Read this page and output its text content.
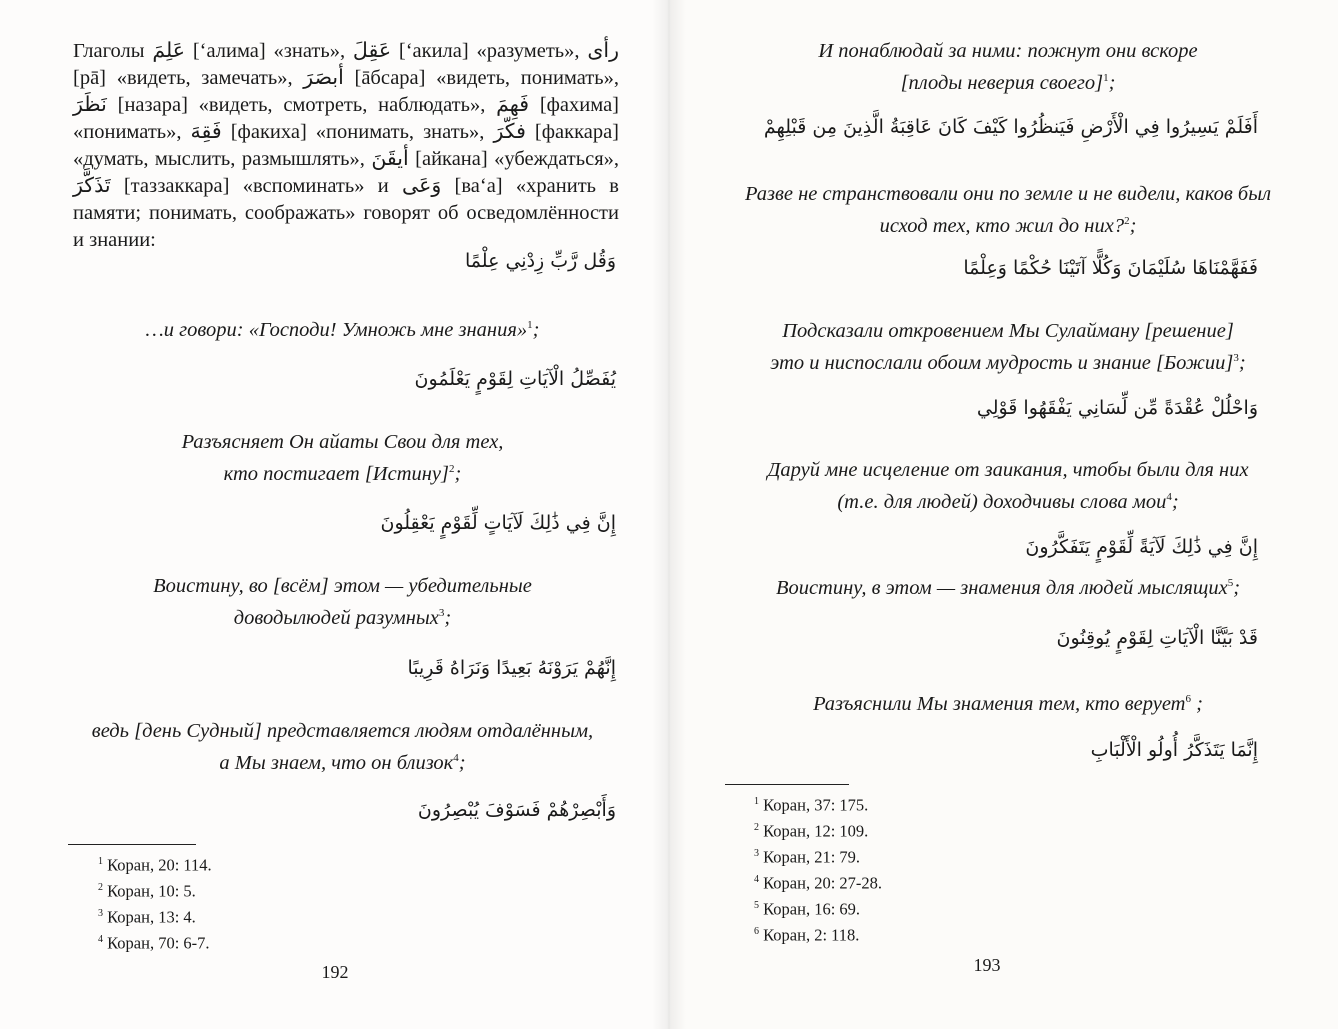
Глаголы عَلِمَ [ʻалима] «знать», عَقِلَ [ʻакила] «разуметь», رأى [pā] «видеть, замечать», أبصَرَ [āбсара] «видеть, понимать», نَظَرَ [назара] «видеть, смотреть, наблюдать», فَهِمَ [фахима] «понимать», فَقِهَ [факиха] «понимать, знать», فكّرَ [факкара] «думать, мыслить, размышлять», أيقَنَ [айкана] «убеждаться», تَذَكَّرَ [таззаккара] «вспоминать» и وَعَى [ваʻа] «хранить в памяти; понимать, соображать» говорят об осведомлённости и знании:

وَقُل رَّبِّ زِدْنِي عِلْمًا

…и говори: «Господи! Умножь мне знания»$^1$;

يُفَصِّلُ الْآيَاتِ لِقَوْمٍ يَعْلَمُونَ

Разъясняет Он айаты Свои для тех,
кто постигает [Истину]$^2$;

إِنَّ فِي ذَٰلِكَ لَآيَاتٍ لِّقَوْمٍ يَعْقِلُونَ

Воистину, во [всём] этом — убедительные
доводылюдей разумных$^3$;

إِنَّهُمْ يَرَوْنَهُ بَعِيدًا وَنَرَاهُ قَرِيبًا

ведь [день Судный] представляется людям отдалённым,
а Мы знаем, что он близок$^4$;

وَأَبْصِرْهُمْ فَسَوْفَ يُبْصِرُونَ
$^1$ Коран, 20: 114.
$^2$ Коран, 10: 5.
$^3$ Коран, 13: 4.
$^4$ Коран, 70: 6-7.
192

И понаблюдай за ними: пожнут они вскоре
[плоды неверия своего]$^1$;

أَفَلَمْ يَسِيرُوا فِي الْأَرْضِ فَيَنظُرُوا كَيْفَ كَانَ عَاقِبَةُ الَّذِينَ مِن قَبْلِهِمْ

Разве не странствовали они по земле и не видели, каков был
исход тех, кто жил до них?$^2$;

فَفَهَّمْنَاهَا سُلَيْمَانَ وَكُلًّا آتَيْنَا حُكْمًا وَعِلْمًا

Подсказали откровением Мы Сулайману [решение]
это и ниспослали обоим мудрость и знание [Божии]$^3$;

وَاحْلُلْ عُقْدَةً مِّن لِّسَانِي يَفْقَهُوا قَوْلِي

Даруй мне исцеление от заикания, чтобы были для них
(т.е. для людей) доходчивы слова мои$^4$;

إِنَّ فِي ذَٰلِكَ لَآيَةً لِّقَوْمٍ يَتَفَكَّرُونَ

Воистину, в этом — знамения для людей мыслящих$^5$;

قَدْ بَيَّنَّا الْآيَاتِ لِقَوْمٍ يُوقِنُونَ

Разъяснили Мы знамения тем, кто верует$^6$ ;

إِنَّمَا يَتَذَكَّرُ أُولُو الْأَلْبَابِ
$^1$ Коран, 37: 175.
$^2$ Коран, 12: 109.
$^3$ Коран, 21: 79.
$^4$ Коран, 20: 27-28.
$^5$ Коран, 16: 69.
$^6$ Коран, 2: 118.
193
